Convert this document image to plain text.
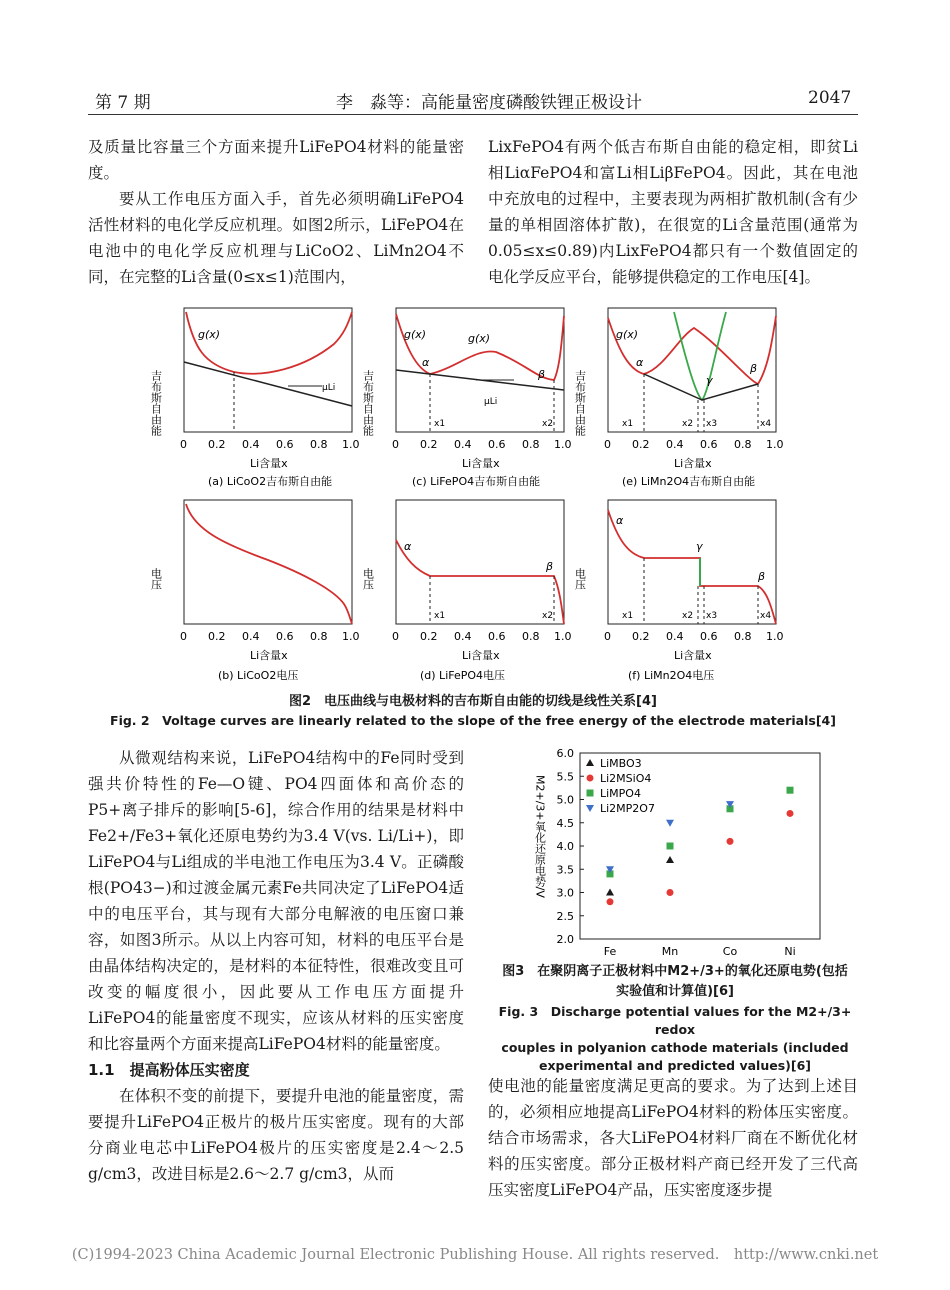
第 7 期	李　淼等：高能量密度磷酸铁锂正极设计	2047

及质量比容量三个方面来提升LiFePO4材料的能量密度。

要从工作电压方面入手，首先必须明确LiFePO4活性材料的电化学反应机理。如图2所示，LiFePO4在电池中的电化学反应机理与LiCoO2、LiMn2O4不同，在完整的Li含量(0≤x≤1)范围内，

LixFePO4有两个低吉布斯自由能的稳定相，即贫Li相LiαFePO4和富Li相LiβFePO4。因此，其在电池中充放电的过程中，主要表现为两相扩散机制(含有少量的单相固溶体扩散)，在很宽的Li含量范围(通常为0.05≤x≤0.89)内LixFePO4都只有一个数值固定的电化学反应平台，能够提供稳定的工作电压[4]。

g(x)
μLi
吉布斯自由能
0 0.2 0.4 0.6 0.8 1.0
Li含量x
(a) LiCoO2吉布斯自由能
g(x)	g(x)
α
β
μLi
x1	x2
吉布斯自由能
0 0.2 0.4 0.6 0.8 1.0
Li含量x
(c) LiFePO4吉布斯自由能
g(x)
α
γ
β
x1	x2 x3	x4
吉布斯自由能
0 0.2 0.4 0.6 0.8 1.0
Li含量x
(e) LiMn2O4吉布斯自由能
电压
0 0.2 0.4 0.6 0.8 1.0
Li含量x
(b) LiCoO2电压
α
β
x1	x2
电压
0 0.2 0.4 0.6 0.8 1.0
Li含量x
(d) LiFePO4电压
α
γ
β
x1	x2 x3	x4
电压
0 0.2 0.4 0.6 0.8 1.0
Li含量x
(f) LiMn2O4电压
图2　电压曲线与电极材料的吉布斯自由能的切线是线性关系[4]
Fig. 2　Voltage curves are linearly related to the slope of the free energy of the electrode materials[4]

从微观结构来说，LiFePO4结构中的Fe同时受到强共价特性的Fe—O键、PO4四面体和高价态的P5+离子排斥的影响[5-6]，综合作用的结果是材料中Fe2+/Fe3+氧化还原电势约为3.4 V(vs. Li/Li+)，即LiFePO4与Li组成的半电池工作电压为3.4 V。正磷酸根(PO43−)和过渡金属元素Fe共同决定了LiFePO4适中的电压平台，其与现有大部分电解液的电压窗口兼容，如图3所示。从以上内容可知，材料的电压平台是由晶体结构决定的，是材料的本征特性，很难改变且可改变的幅度很小，因此要从工作电压方面提升LiFePO4的能量密度不现实，应该从材料的压实密度和比容量两个方面来提高LiFePO4材料的能量密度。

1.1　提高粉体压实密度

在体积不变的前提下，要提升电池的能量密度，需要提升LiFePO4正极片的极片压实密度。现有的大部分商业电芯中LiFePO4极片的压实密度是2.4～2.5 g/cm3，改进目标是2.6～2.7 g/cm3，从而

2.0
2.5
3.0
3.5
4.0
4.5
5.0
5.5
6.0
Fe	Mn	Co	Ni
LiMBO3
Li2MSiO4
LiMPO4
Li2MP2O7
M2+/3+氧化还原电势/V
图3　在聚阴离子正极材料中M2+/3+的氧化还原电势(包括
实验值和计算值)[6]
Fig. 3　Discharge potential values for the M2+/3+ redox
couples in polyanion cathode materials (included
experimental and predicted values)[6]

使电池的能量密度满足更高的要求。为了达到上述目的，必须相应地提高LiFePO4材料的粉体压实密度。结合市场需求，各大LiFePO4材料厂商在不断优化材料的压实密度。部分正极材料产商已经开发了三代高压实密度LiFePO4产品，压实密度逐步提

(C)1994-2023 China Academic Journal Electronic Publishing House. All rights reserved.　http://www.cnki.net
